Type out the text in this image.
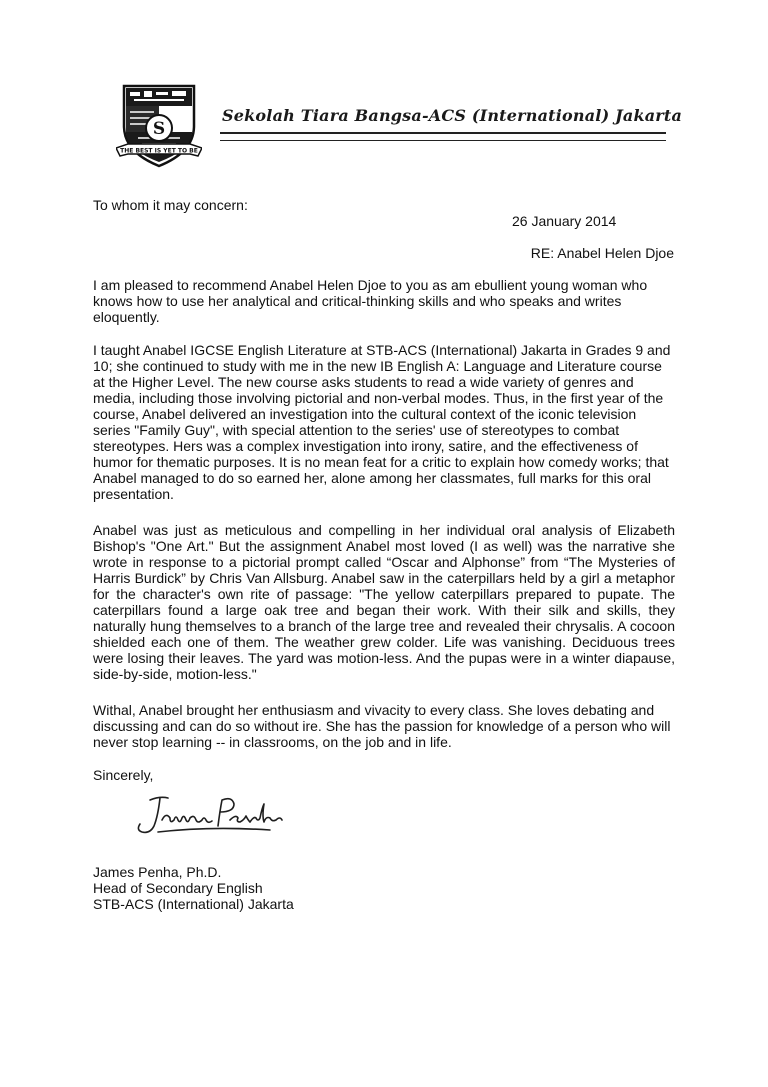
S
THE BEST IS YET TO BE
Sekolah Tiara Bangsa-ACS (International) Jakarta

To whom it may concern:

26 January 2014

RE: Anabel Helen Djoe

I am pleased to recommend Anabel Helen Djoe to you as am ebullient young woman who knows how to use her analytical and critical-thinking skills and who speaks and writes eloquently.

I taught Anabel IGCSE English Literature at STB-ACS (International) Jakarta in Grades 9 and 10; she continued to study with me in the new IB English A: Language and Literature course at the Higher Level. The new course asks students to read a wide variety of genres and media, including those involving pictorial and non-verbal modes. Thus, in the first year of the course, Anabel delivered an investigation into the cultural context of the iconic television series "Family Guy", with special attention to the series' use of stereotypes to combat stereotypes. Hers was a complex investigation into irony, satire, and the effectiveness of humor for thematic purposes. It is no mean feat for a critic to explain how comedy works; that Anabel managed to do so earned her, alone among her classmates, full marks for this oral presentation.

Anabel was just as meticulous and compelling in her individual oral analysis of Elizabeth Bishop's "One Art." But the assignment Anabel most loved (I as well) was the narrative she wrote in response to a pictorial prompt called “Oscar and Alphonse” from “The Mysteries of Harris Burdick” by Chris Van Allsburg. Anabel saw in the caterpillars held by a girl a metaphor for the character's own rite of passage: "The yellow caterpillars prepared to pupate. The caterpillars found a large oak tree and began their work. With their silk and skills, they naturally hung themselves to a branch of the large tree and revealed their chrysalis. A cocoon shielded each one of them. The weather grew colder. Life was vanishing. Deciduous trees were losing their leaves. The yard was motion-less. And the pupas were in a winter diapause, side-by-side, motion-less."

Withal, Anabel brought her enthusiasm and vivacity to every class. She loves debating and discussing and can do so without ire. She has the passion for knowledge of a person who will never stop learning -- in classrooms, on the job and in life.

Sincerely,

James Penha, Ph.D.
Head of Secondary English
STB-ACS (International) Jakarta
